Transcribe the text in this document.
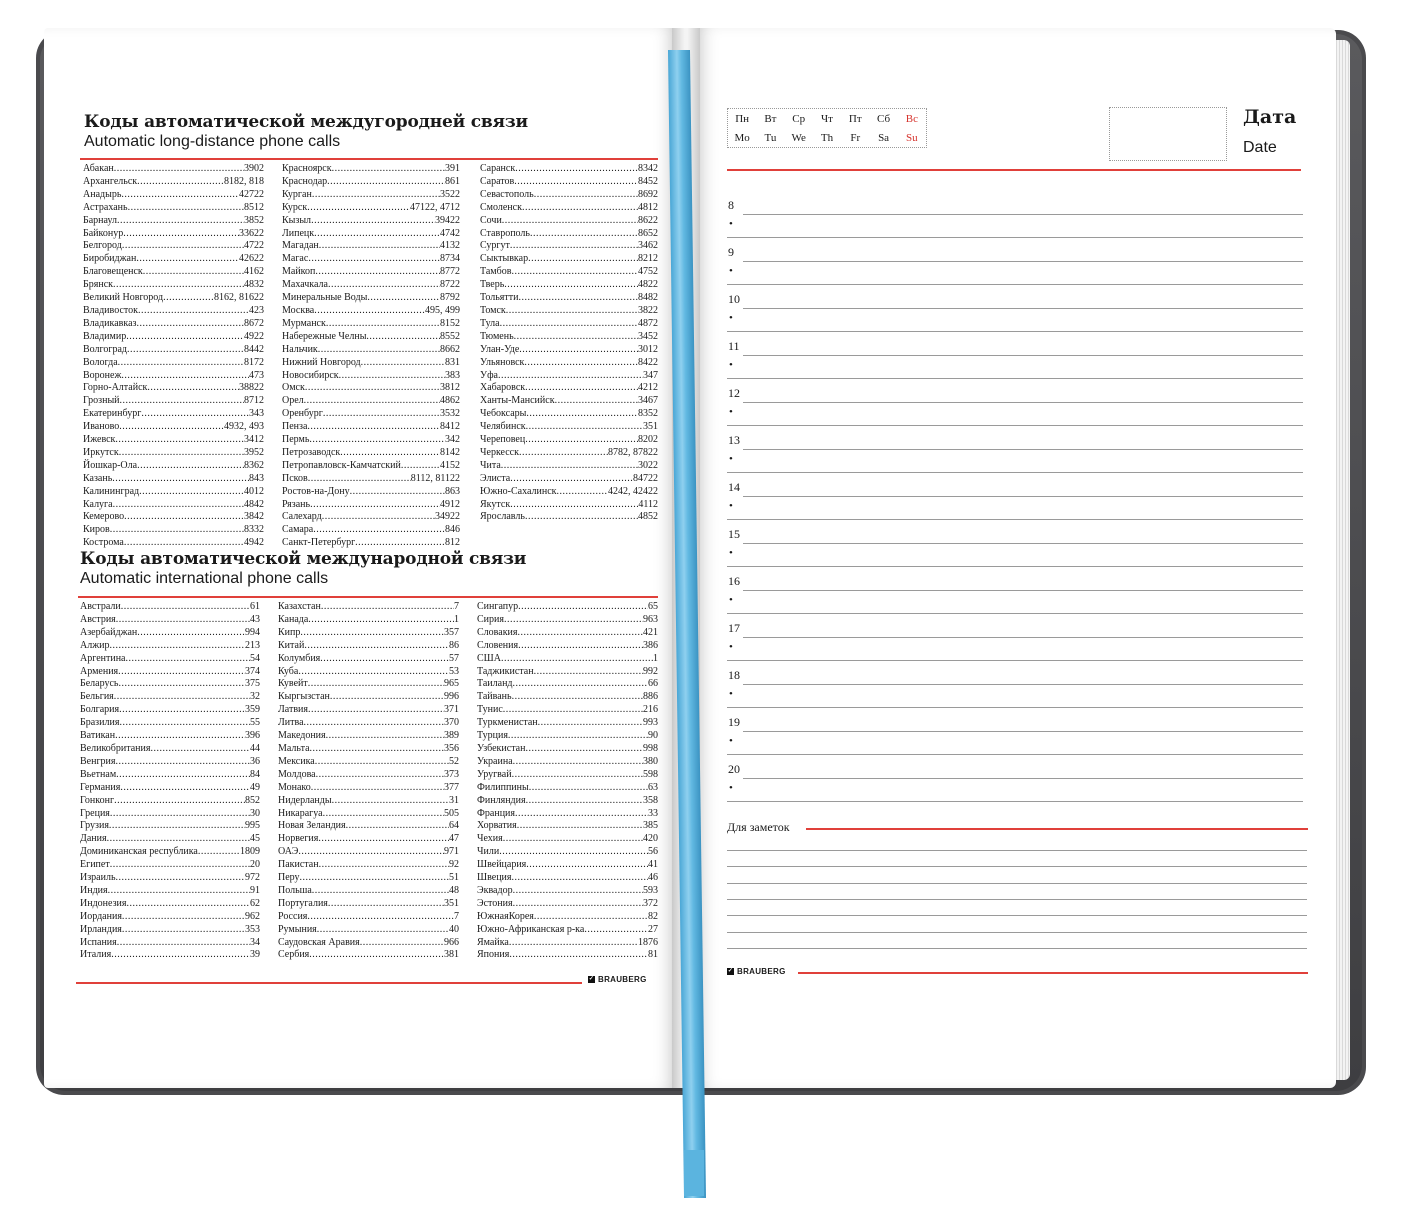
Коды автоматической междугородней связи
Automatic long-distance phone calls
Абакан .....	3902
Архангельск .....	8182, 818
Анадырь .....	42722
Астрахань .....	8512
Барнаул .....	3852
Байконур .....	33622
Белгород .....	4722
Биробиджан .....	42622
Благовещенск .....	4162
Брянск .....	4832
Великий Новгород .....	8162, 81622
Владивосток .....	423
Владикавказ .....	8672
Владимир .....	4922
Волгоград .....	8442
Вологда .....	8172
Воронеж .....	473
Горно-Алтайск .....	38822
Грозный .....	8712
Екатеринбург .....	343
Иваново .....	4932, 493
Ижевск .....	3412
Иркутск .....	3952
Йошкар-Ола .....	8362
Казань .....	843
Калининград .....	4012
Калуга .....	4842
Кемерово .....	3842
Киров .....	8332
Кострома .....	4942
Красноярск .....	391
Краснодар .....	861
Курган .....	3522
Курск .....	47122, 4712
Кызыл .....	39422
Липецк .....	4742
Магадан .....	4132
Магас .....	8734
Майкоп .....	8772
Махачкала .....	8722
Минеральные Воды .....	8792
Москва .....	495, 499
Мурманск .....	8152
Набережные Челны .....	8552
Нальчик .....	8662
Нижний Новгород .....	831
Новосибирск .....	383
Омск .....	3812
Орел .....	4862
Оренбург .....	3532
Пенза .....	8412
Пермь .....	342
Петрозаводск .....	8142
Петропавловск-Камчатский .....	4152
Псков .....	8112, 81122
Ростов-на-Дону .....	863
Рязань .....	4912
Салехард .....	34922
Самара .....	846
Санкт-Петербург .....	812
Саранск .....	8342
Саратов .....	8452
Севастополь .....	8692
Смоленск .....	4812
Сочи .....	8622
Ставрополь .....	8652
Сургут .....	3462
Сыктывкар .....	8212
Тамбов .....	4752
Тверь .....	4822
Тольятти .....	8482
Томск .....	3822
Тула .....	4872
Тюмень .....	3452
Улан-Уде .....	3012
Ульяновск .....	8422
Уфа .....	347
Хабаровск .....	4212
Ханты-Мансийск .....	3467
Чебоксары .....	8352
Челябинск .....	351
Череповец .....	8202
Черкесск .....	8782, 87822
Чита .....	3022
Элиста .....	84722
Южно-Сахалинск .....	4242, 42422
Якутск .....	4112
Ярославль .....	4852
Коды автоматической международной связи
Automatic international phone calls
Австрали .....	61
Австрия .....	43
Азербайджан .....	994
Алжир .....	213
Аргентина .....	54
Армения .....	374
Беларусь .....	375
Бельгия .....	32
Болгария .....	359
Бразилия .....	55
Ватикан .....	396
Великобритания .....	44
Венгрия .....	36
Вьетнам .....	84
Германия .....	49
Гонконг .....	852
Греция .....	30
Грузия .....	995
Дания .....	45
Доминиканская республика .....	1809
Египет .....	20
Израиль .....	972
Индия .....	91
Индонезия .....	62
Иордания .....	962
Ирландия .....	353
Испания .....	34
Италия .....	39
Казахстан .....	7
Канада .....	1
Кипр .....	357
Китай .....	86
Колумбия .....	57
Куба .....	53
Кувейт .....	965
Кыргызстан .....	996
Латвия .....	371
Литва .....	370
Македония .....	389
Мальта .....	356
Мексика .....	52
Молдова .....	373
Монако .....	377
Нидерланды .....	31
Никарагуа .....	505
Новая Зеландия .....	64
Норвегия .....	47
ОАЭ .....	971
Пакистан .....	92
Перу .....	51
Польша .....	48
Португалия .....	351
Россия .....	7
Румыния .....	40
Саудовская Аравия .....	966
Сербия .....	381
Сингапур .....	65
Сирия .....	963
Словакия .....	421
Словения .....	386
США .....	1
Таджикистан .....	992
Таиланд .....	66
Тайвань .....	886
Тунис .....	216
Туркменистан .....	993
Турция .....	90
Узбекистан .....	998
Украина .....	380
Уругвай .....	598
Филиппины .....	63
Финляндия .....	358
Франция .....	33
Хорватия .....	385
Чехия .....	420
Чили .....	56
Швейцария .....	41
Швеция .....	46
Эквадор .....	593
Эстония .....	372
ЮжнаяКорея .....	82
Южно-Африканская р-ка .....	27
Ямайка .....	1876
Япония .....	81
✓ BRAUBERG
Пн	Вт	Ср	Чт	Пт	Сб	Вс
Mo	Tu	We	Th	Fr	Sa	Su
Дата
Date
8
•
9
•
10
•
11
•
12
•
13
•
14
•
15
•
16
•
17
•
18
•
19
•
20
•
Для заметок
✓ BRAUBERG
